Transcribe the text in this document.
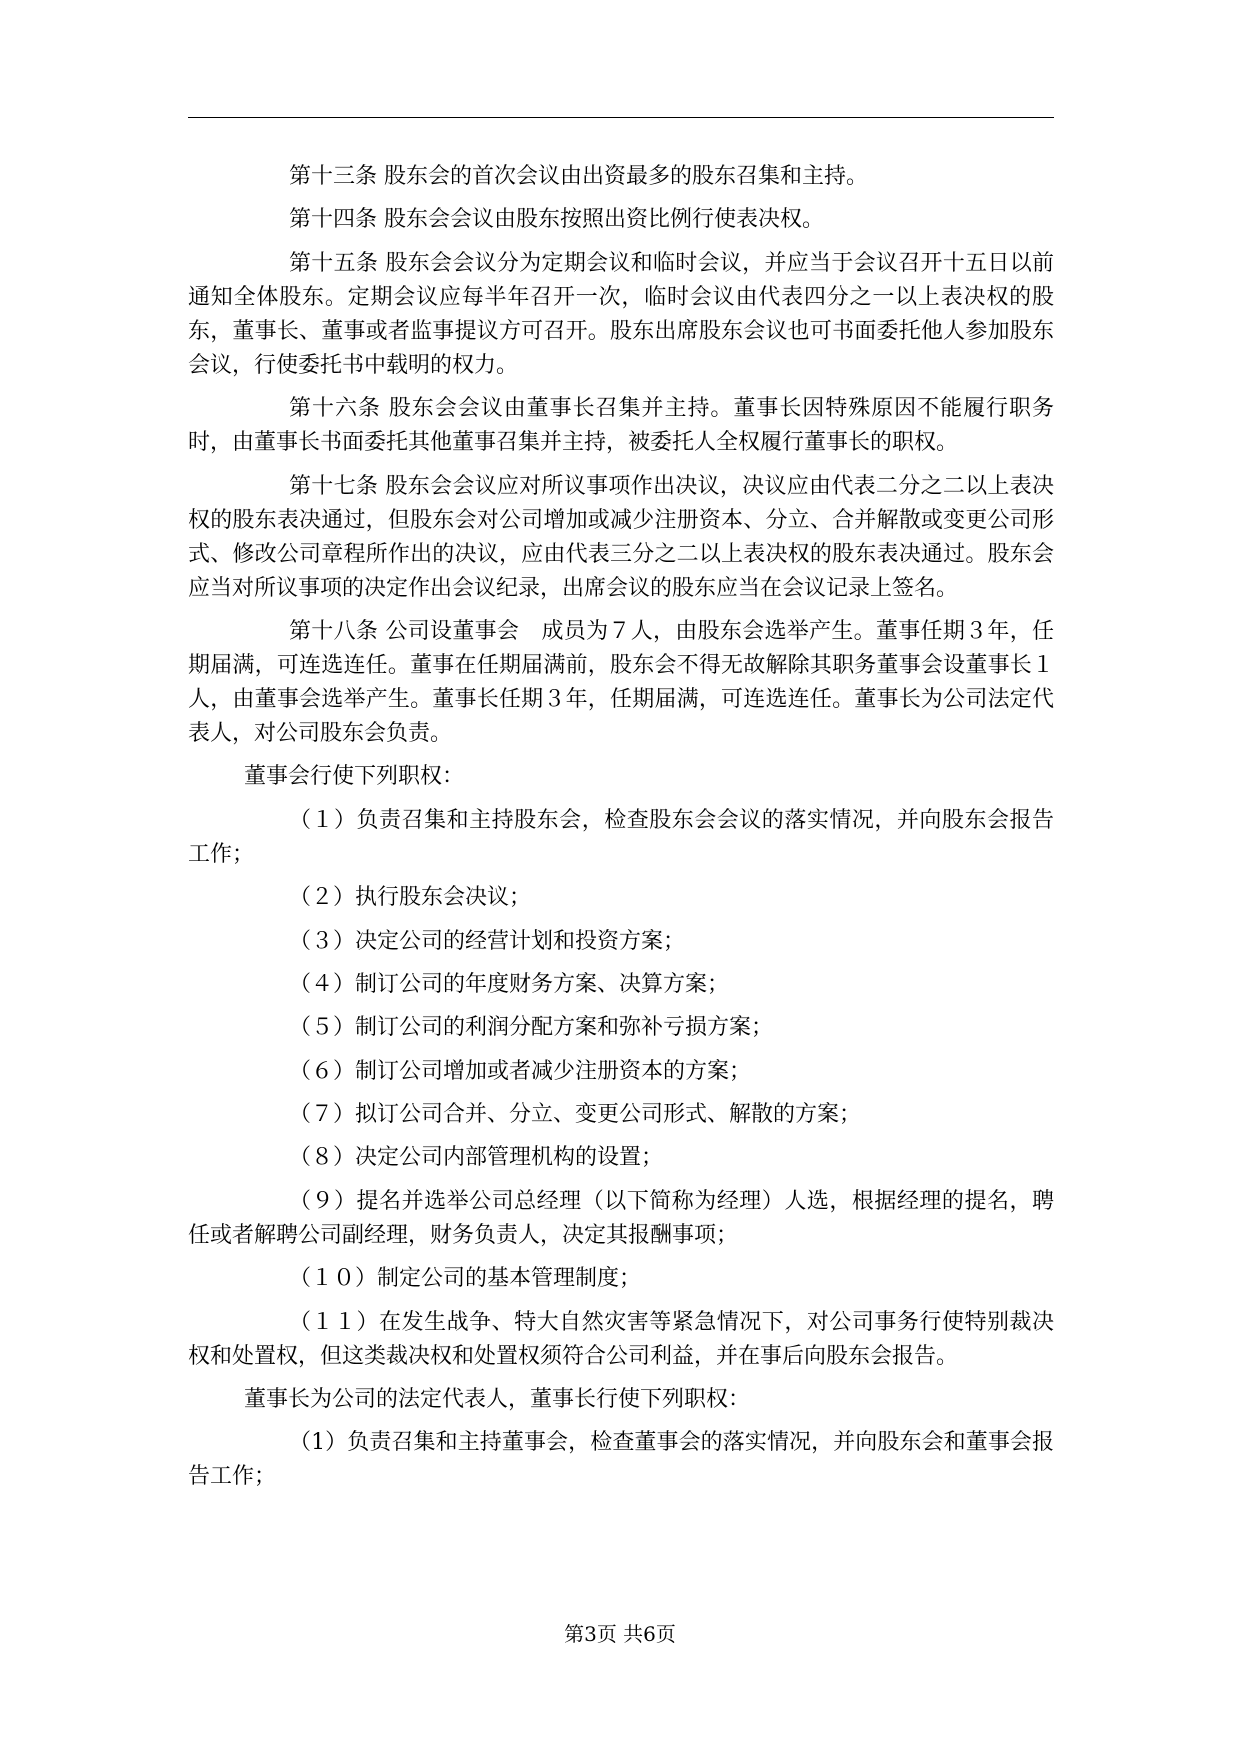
第十三条 股东会的首次会议由出资最多的股东召集和主持。

第十四条 股东会会议由股东按照出资比例行使表决权。

第十五条 股东会会议分为定期会议和临时会议，并应当于会议召开十五日以前通知全体股东。定期会议应每半年召开一次，临时会议由代表四分之一以上表决权的股东，董事长、董事或者监事提议方可召开。股东出席股东会议也可书面委托他人参加股东会议，行使委托书中载明的权力。

第十六条 股东会会议由董事长召集并主持。董事长因特殊原因不能履行职务时，由董事长书面委托其他董事召集并主持，被委托人全权履行董事长的职权。

第十七条 股东会会议应对所议事项作出决议，决议应由代表二分之二以上表决权的股东表决通过，但股东会对公司增加或减少注册资本、分立、合并解散或变更公司形式、修改公司章程所作出的决议，应由代表三分之二以上表决权的股东表决通过。股东会应当对所议事项的决定作出会议纪录，出席会议的股东应当在会议记录上签名。

第十八条 公司设董事会　成员为７人，由股东会选举产生。董事任期３年，任期届满，可连选连任。董事在任期届满前，股东会不得无故解除其职务董事会设董事长１人，由董事会选举产生。董事长任期３年，任期届满，可连选连任。董事长为公司法定代表人，对公司股东会负责。

董事会行使下列职权：

（１）负责召集和主持股东会，检查股东会会议的落实情况，并向股东会报告工作；

（２）执行股东会决议；

（３）决定公司的经营计划和投资方案；

（４）制订公司的年度财务方案、决算方案；

（５）制订公司的利润分配方案和弥补亏损方案；

（６）制订公司增加或者减少注册资本的方案；

（７）拟订公司合并、分立、变更公司形式、解散的方案；

（８）决定公司内部管理机构的设置；

（９）提名并选举公司总经理（以下简称为经理）人选，根据经理的提名，聘任或者解聘公司副经理，财务负责人，决定其报酬事项；

（１０）制定公司的基本管理制度；

（１１）在发生战争、特大自然灾害等紧急情况下，对公司事务行使特别裁决权和处置权，但这类裁决权和处置权须符合公司利益，并在事后向股东会报告。

董事长为公司的法定代表人，董事长行使下列职权：

（1）负责召集和主持董事会，检查董事会的落实情况，并向股东会和董事会报告工作；

第3页 共6页
